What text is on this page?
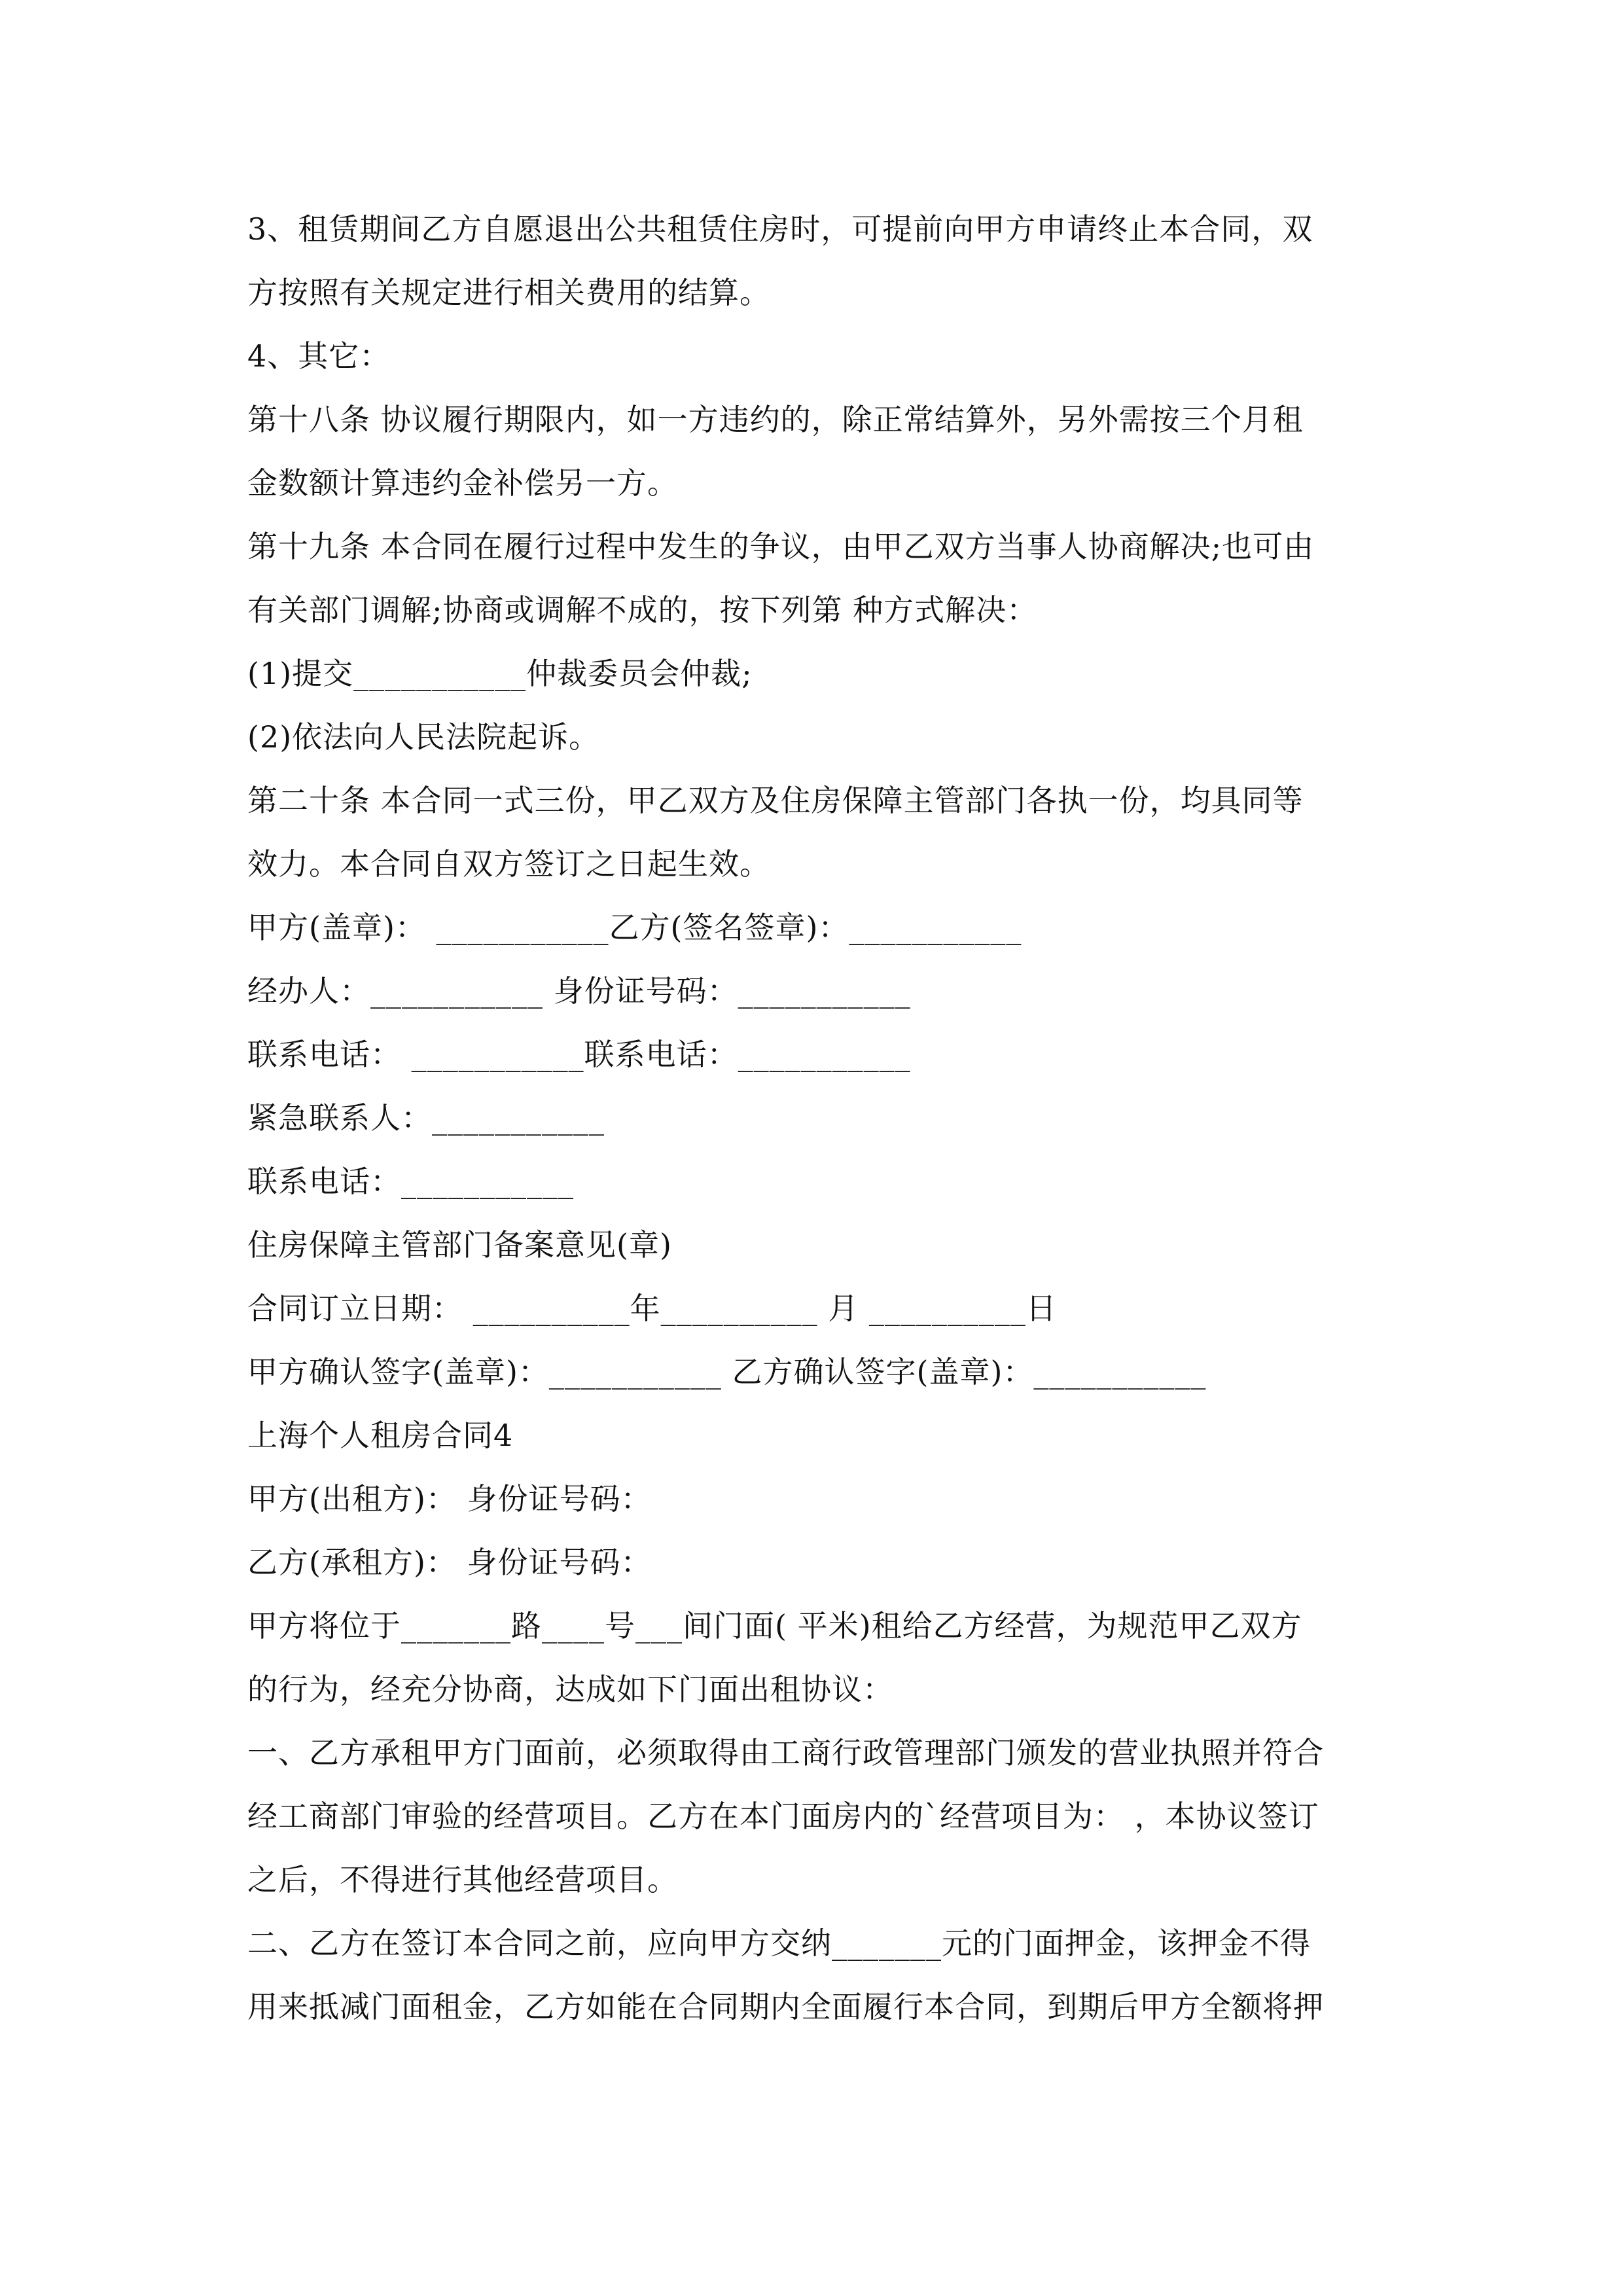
3、租赁期间乙方自愿退出公共租赁住房时，可提前向甲方申请终止本合同，双
方按照有关规定进行相关费用的结算。
4、其它：
第十八条 协议履行期限内，如一方违约的，除正常结算外，另外需按三个月租
金数额计算违约金补偿另一方。
第十九条 本合同在履行过程中发生的争议，由甲乙双方当事人协商解决;也可由
有关部门调解;协商或调解不成的，按下列第 种方式解决：
(1)提交___________仲裁委员会仲裁;
(2)依法向人民法院起诉。
第二十条 本合同一式三份，甲乙双方及住房保障主管部门各执一份，均具同等
效力。本合同自双方签订之日起生效。
甲方(盖章)： ___________乙方(签名签章)：___________
经办人：___________ 身份证号码：___________
联系电话： ___________联系电话：___________
紧急联系人：___________
联系电话：___________
住房保障主管部门备案意见(章)
合同订立日期： __________年__________ 月 __________日
甲方确认签字(盖章)：___________ 乙方确认签字(盖章)：___________
上海个人租房合同4
甲方(出租方)： 身份证号码：
乙方(承租方)： 身份证号码：
甲方将位于_______路____号___间门面( 平米)租给乙方经营，为规范甲乙双方
的行为，经充分协商，达成如下门面出租协议：
一、乙方承租甲方门面前，必须取得由工商行政管理部门颁发的营业执照并符合
经工商部门审验的经营项目。乙方在本门面房内的`经营项目为： ，本协议签订
之后，不得进行其他经营项目。
二、乙方在签订本合同之前，应向甲方交纳_______元的门面押金，该押金不得
用来抵减门面租金，乙方如能在合同期内全面履行本合同，到期后甲方全额将押
